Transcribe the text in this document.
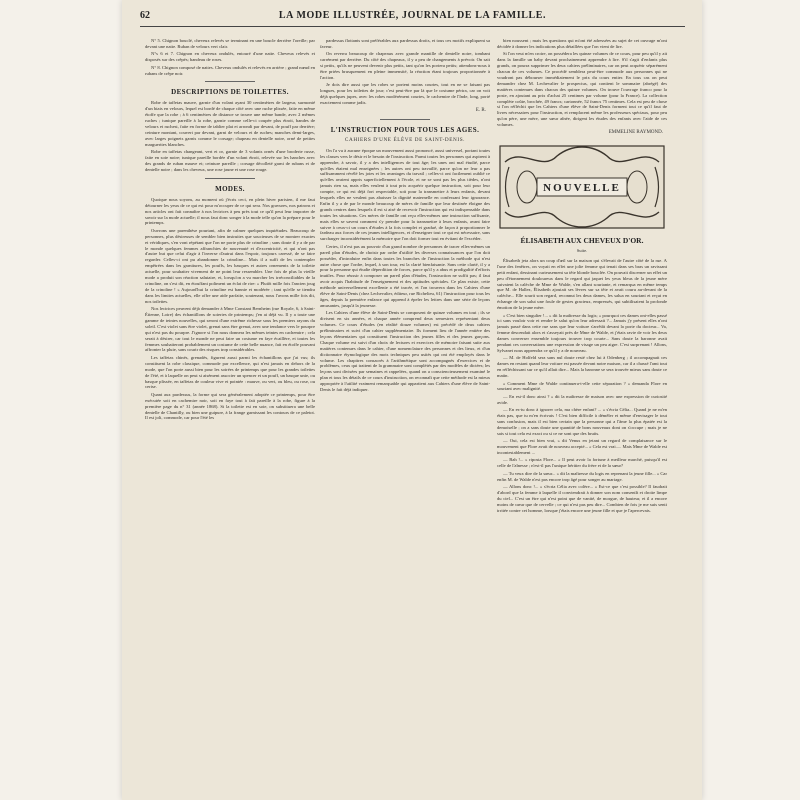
62	LA MODE ILLUSTRÉE, JOURNAL DE LA FAMILLE.

N° 5. Chignon bouclé, cheveux relevés se terminant en une boucle derrière l'oreille; par devant une natte. Ruban de velours vert clair.

N°s 6 et 7. Chignon en cheveux ondulés, entouré d'une natte. Cheveux relevés et disposés sur des crêpés; bandeau de roses.

N° 8. Chignon composé de nattes. Cheveux ondulés et relevés en arrière ; grand nœud en rubans de crêpe noir.

DESCRIPTIONS DE TOILETTES.

Robe de taffetas mauve, garnie d'un volant ayant 30 centimètres de largeur, surmonté d'un biais en velours, lequel est bordé de chaque côté avec une ruche plissée, faite en même étoffe que la robe ; à 6 centimètres de distance se trouve une même bande, avec 2 mêmes ruches ; tunique pareille à la robe, garnie comme celle-ci coupée plus étroit, bandes de velours et ruchest, faite en forme de tablier plat et arrondi par devant, de pouff par derrière; ceinture montant, couvert par devant, garni de velours et de ruches; manches demi-larges, avec larges poignets garnis comme le corsage; chapeau en dentelle noire, orné de petites marguerites blanches.

Robe en taffetas changeant, vert et or, garnie de 3 volants ornés d'une broderie russe, faite en soie noire; tunique pareille bordée d'un volant étroit, relevée sur les hanches avec des grands de ruban mauve et; ceinture pareille ; corsage décolleté garni de rubans et de dentelle noire ; dans les cheveux, une rose jaune et une rose rouge.

MODES.

Quoique nous soyons, au moment où j'écris ceci, en plein hiver parisien, il me faut détourner les yeux de ce qui est pour m'occuper de ce qui sera. Nos gravures, nos patrons et nos articles ont fait connaître à nos lectrices à peu près tout ce qu'il peut leur importer de savoir sur la mode actuelle; il nous faut donc songer à la mode telle qu'on la prépare pour le printemps.

Ouvrons une parenthèse pourtant, afin de calmer quelques inquiétudes. Beaucoup de personnes, plus désireuses de sembler bien instruites que soucieuses de se montrer exactes et véridiques, s'en vont répétant que l'on ne porte plus de crinoline ; sans doute il y a de par le monde quelques femmes affranchies de nouveauté et d'excentricité, et qui n'ont pas d'autre but que celui d'agir à l'inverse d'autrui dans l'espoir, toujours caressé, de se faire regarder. Celles-ci ont pu abandonner la crinoline... Mais il a suffi de les contempler empêtrées dans les garnitures, les pouffs, les basques et autres ornements de la toilette actuelle, pour souhaiter vivement de ne point leur ressembler. Une fois de plus la vieille mode a produit son réaction salutaire, et, lorsqu'on a vu marcher les irréconciliables de la crinoline, on s'est dit, en étouffant poliment un éclat de rire: « Plutôt mille fois l'ancien joug de la crinoline ! » Aujourd'hui la crinoline est bannie et modérée ; tant qu'elle se tiendra dans les limites actuelles, elle offre une aide parfaite, soutenant, nous l'avons mille fois dit, nos toilettes.

Nos lectrices peuvent déjà demander à Mme Constant Bernheim (rue Royale, 6, à Saint-Étienne, Loire) des échantillons de soieries de printemps; j'en ai déjà vu. Il y a toute une gamme de teintes nouvelles, qui seront d'une extrême richesse sous les premiers rayons du soleil. C'est violet sans être violet, grenat sans être grenat, avec une tendance vers le pourpre qui n'est pas du pourpre. J'ignore si l'on nous donnera les mêmes teintes en cachemire ; cela serait à désirer, car tout le monde ne peut faire un costume en faye écaillère, et toutes les femmes souhaiteront probablement un costume de cette belle nuance, fait en étoffe pouvant affronter la pluie, sans courir des risques trop considérables.

Les taffetas chinés, grenadés, figurent aussi parmi les échantillons que j'ai vus; ils constituent la robe classique, commode par excellence, qui n'est jamais en dehors de la mode, que l'on porte aussi bien pour les soirées de printemps que pour les grandes toilettes de l'été, et à laquelle on peut si aisément associer un spencer et un pouff, un basque unie, ou basque plissée, en taffetas de couleur vive et pointée : mauve, ou vert, ou bleu, ou rose, ou cerise.

Quant aux pardessus, la forme qui sera généralement adoptée ce printemps, pour être exécutée soit en cachemire noir, soit en faye tout à fait pareille à la robe, figure à la première page du n° 31 (année 1868). Si la toilette est en soie, on substituera une belle dentelle de Chantilly, ou bien une guipure, à la frange garnissant les contours de ce paletot. Il est joli, commode, car pour l'été les

pardessus flottants sont préférables aux pardessus droits, et tous ces motifs expliquent sa faveur.

On reverra beaucoup de chapeaux avec grande mantille de dentelle noire, tombant carrément par derrière. Du côté des chapeaux, il y a peu de changements à prévoir. On sait si petits, qu'ils ne peuvent devenir plus petits, tant qu'on les portera petits; attendons-nous à être priées brusquement en pleine immensité, la réaction étant toujours proportionnée à l'action.

Je dois dire aussi que les robes se portent moins courtes, tout en ne se faisant pas longues, pour les toilettes de jour; c'est peut-être par là que le costume périra, car on voit déjà quelques jupes, avec les robes modérément courtes, le cachemire de l'Inde, long, porté exactement comme jadis.

E. R.
L'INSTRUCTION POUR TOUS LES AGES.
CAHIERS D'UNE ÉLÈVE DE SAINT-DENIS.

On l'a vu à aucune époque un mouvement aussi prononcé, aussi universel, portant toutes les classes vers le désir et le besoin de l'instruction. Parmi toutes les personnes qui aspirent à apprendre, à savoir, il y a des intelligences de tout âge; les unes ont mal étudié, parce qu'elles étaient mal enseignées ; les autres ont peu travaillé, parce qu'on ne leur a pas suffisamment révélé les joies et les avantages du travail ; celles-ci ont facilement oublié ce qu'elles avaient appris superficiellement à l'école, et ne se sont pas les plus tièdes, n'ont jamais rien su, mais elles veulent à tout prix acquérir quelque instruction, soit pour leur compte, ce qui est déjà fort respectable, soit pour la transmettre à leurs enfants, devant lesquels elles ne veulent pas abaisser la dignité maternelle en confessant leur ignorance. Enfin il y a de par le monde beaucoup de mères de famille que leur destinée éloigne des grands centres dans lesquels il est si aisé de recevoir l'instruction qui est indispensable dans toutes les situations. Ces mères de famille ont reçu elles-mêmes une instruction suffisante, mais elles se savent comment s'y prendre pour la transmettre à leurs enfants, avant faire suivre à ceux-ci un cours d'études à la fois complet et gradué, de façon à proportionner le fardeau aux forces de ces jeunes intelligences, et d'enseigner tout ce qui est nécessaire, sans surcharger inconsidérément la mémoire que l'on doit former tout en évitant de l'excéder.

Certes, il n'est pas au pouvoir d'un grand nombre de personnes de tracer elles-mêmes un pareil plan d'études, de choisir par ordre d'utilité les diverses connaissances que l'on doit posséder, d'introduire enfin dans toutes les branches de l'instruction la méthode qui n'est autre chose que l'ordre, lequel, à son tour, est la clarté bienfaisante. Sans cette clarté, il y a pour la personne qui étudie déperdition de forces, parce qu'il y a abus et prodigalité d'efforts inutiles. Pour réussir à composer un pareil plan d'études, l'instruction ne suffit pas; il faut avoir acquis l'habitude de l'enseignement et des aptitudes spéciales. Ce plan existe, cette méthode universellement excellente a été tracée, et l'on trouvera dans les Cahiers d'une élève de Saint-Denis (chez Lechevalier, éditeur, rue Richelieu, 61) l'instruction pour tous les âges, depuis la première enfance qui apprend à épeler les lettres dans une série de leçons amusantes, jusqu'à la jeunesse.

Les Cahiers d'une élève de Saint-Denis se composent de quinze volumes en tout ; ils se divisent en six années, et chaque année comprend deux semestres représentant deux volumes. Ce cours d'études (en réalité douze volumes) est précédé de deux cahiers préliminaires et suivi d'un cahier supplémentaire. Ils forment lieu de l'année entière des leçons élémentaires qui constituent l'instruction des jeunes filles et des jeunes garçons. Chaque volume est suivi d'un choix de lectures et exercices de mémoire faisant suite aux matières contenues dans le cahier, d'une nomenclature des personnes et des lieux, et d'un dictionnaire étymologique des mots techniques peu usités qui ont été employés dans le volume. Les chapitres consacrés à l'arithmétique sont accompagnés d'exercices et de problèmes, ceux qui traitent de la grammaire sont complétés par des modèles de dictées; les leçons sont divisées par semaines et rappelées, quand on a consciencieusement examiné le plan et tous les détails de ce cours d'instruction, on reconnaît que cette méthode est la mieux appropriée à l'utilité vraiment remarquable qui appartient aux Cahiers d'une élève de Saint-Denis le fait déjà indiquer.

bien noussent ; mais les questions qui m'ont été adressées au sujet de cet ouvrage m'ont décidée à donner les indications plus détaillées que l'on vient de lire.

Si l'on veut m'en croire, on possédera les quinze volumes de ce cours, pour peu qu'il y ait dans la famille un baby devant prochainement apprendre à lire. S'il s'agit d'enfants plus grands, on pourra supprimer les deux cahiers préliminaires, car on peut acquérir séparément chacun de ces volumes. Ce procédé semblera peut-être commode aux personnes qui ne voudront pas débourser immédiatement le prix du cours entier. En tous cas on peut demander chez M. Lechevalier le prospectus, qui contient le sommaire (abrégé) des matières contenues dans chacun des quinze volumes. On trouve l'ouvrage franco pour la poste, en ajoutant au prix d'achat 25 centimes par volume (pour la France). La collection complète coûte, brochée, 49 francs; cartonnée, 52 francs 75 centimes. Cela est peu de chose si l'on réfléchit que les Cahiers d'une élève de Saint-Denis forment tout ce qu'il faut de livres nécessaires pour l'instruction, et remplacent même les professeurs spéciaux, pour peu qu'on père, une mère, une sœur aînée, dirigent les études des enfants avec l'aide de ces volumes.

EMMELINE RAYMOND.
NOUVELLE
ÉLISABETH AUX CHEVEUX D'OR.
Suite.

Élisabeth jeta alors un coup d'œil sur la maison qui s'élevait de l'autre côté de la rue. A l'une des fenêtres, on voyait en effet une jolie femme qui tenait dans ses bras un ravissant petit enfant, dessinant curieusement sa tête blonde bouclée. On pouvait discerner un effet un peu d'étonnement douloureux dans le regard qui jaquet les yeux bleus de la jeune mère suivaient la calèche de Mme de Walde, s'en allant souriante, et remarqua en même temps que M. de Hallez, Élisabeth ajoutait ses lèvres sur sa tête et avait couru au-devant de la calèche... Elle sourit son regard, reconnut les deux dames, les salua en souriant et reçut en échange de son salut une foule de gestes gracieux, empressés, qui subtilisaient la profonde émotion de la jeune mère.

« C'est bien singulier !... » dit la maîtresse du logis; « pourquoi ces dames ont-elles passé ici sans vouloir voir et rendre le salut qu'on leur adressait ?... Jamais j'y présent elles n'ont jamais passé dans cette rue sans que leur voiture s'arrêtât devant la porte du docteur... Va, femme descendait alors et s'asseyait près de Mme de Walde, et j'étais ravie de voir les deux dames converser ensemble toujours trouver trop courte... Sans doute la baronne avait pendant ces conversations une expression de visage un peu aigre. C'est surprenant ! Allons, Sylvanet nous apprendra ce qu'il y a de nouveau.

— M. de Holfeld sera sans nul doute resté chez lui à Odenberg ; il accompagnait ces dames en restant quand leur voiture est passée devant notre maison, car il a chassé l'ami tout en réfléchissant sur ce qu'il allait dire... Mais la baronne se sera trouvée mieux sans doute ce matin.

« Comment Mme de Walde continuera-t-elle cette séparation ? » demanda Flore en souriant avec malignité.

— En est-il donc ainsi ? » dit la maîtresse de maison avec une expression de curiosité avide.

— En es-tu donc à ignorer cela, ma chère enfant? ... « s'écria Célia... Quand je ne m'en étais pas, que tu m'en écrivais ! C'est bien difficile à démêler et même d'envisager le tout sans confusion, mais il est bien certain que la personne qui a l'âme la plus épatée est la demoiselle ; on a sans doute une quantité de bons nouveaux dont on s'occupe ; mais je ne sais si tout cela est exact ou si ce ne sont que des bruits.

— Oui, cela est bien vrai, » dit Venus en jetant un regard de complaisance sur le mouvement que Flore avait de nouveau accepté... « Cela est vrai..... Mais Mme de Walde est incontestablement ...

— Bah !... » riposta Flore... « Il peut avoir la fortune à meilleur marché, puisqu'il est celle de l'aînesse ; n'est-il pas l'unique héritier du frère et de la sœur?

— Tu veux dire de la sœur... » dit la maîtresse du logis en reprenant la jeune fille... « Car enfin M. de Walde n'est pas encore trop âgé pour songer au mariage.

— Allons donc !... » s'écria Célia avec colère... « Est-ce que c'est possible? Il faudrait d'abord que la femme à laquelle il conviendrait à donner son nom consentît et droite limpe du ciel... C'est un être qui n'est point que de vanité, de morgue, de hauteur, et il a encore moins de cœur que de cervelle ; ce qui n'est pas peu dire... Combien de fois je me suis senti irritée contre cet homme, lorsque j'étais encore une jeune fille et que je l'apercevais.
